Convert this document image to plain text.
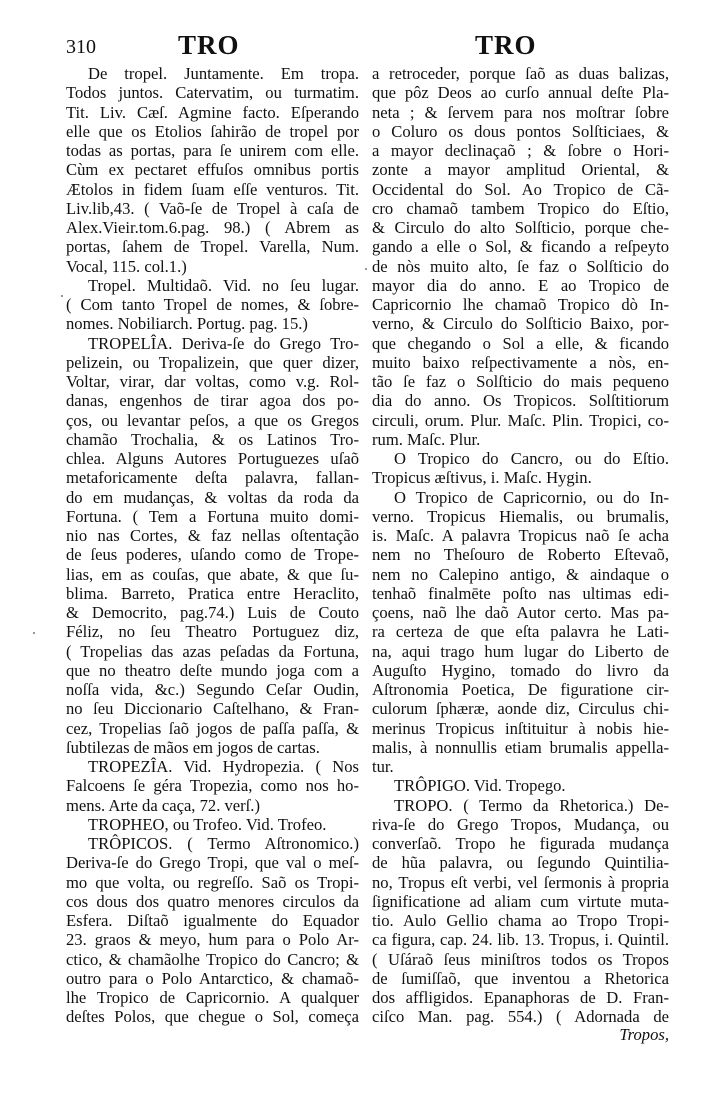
310	TRO	TRO
De tropel. Juntamente. Em tropa.
Todos juntos. Catervatim, ou turmatim.
Tit. Liv. Cæſ. Agmine facto. Eſperando
elle que os Etolios ſahirão de tropel por
todas as portas, para ſe unirem com elle.
Cùm ex pectaret effuſos omnibus portis
Ætolos in fidem ſuam eſſe venturos. Tit.
Liv.lib,43. ( Vaõ-ſe de Tropel à caſa de
Alex.Vieir.tom.6.pag. 98.) ( Abrem as
portas, ſahem de Tropel. Varella, Num.
Vocal, 115. col.1.)
Tropel. Multidaõ. Vid. no ſeu lugar.
( Com tanto Tropel de nomes, & ſobre-
nomes. Nobiliarch. Portug. pag. 15.)
TROPELÎA. Deriva-ſe do Grego Tro-
pelizein, ou Tropalizein, que quer dizer,
Voltar, virar, dar voltas, como v.g. Rol-
danas, engenhos de tirar agoa dos po-
ços, ou levantar peſos, a que os Gregos
chamão Trochalia, & os Latinos Tro-
chlea. Alguns Autores Portuguezes uſaõ
metaforicamente deſta palavra, fallan-
do em mudanças, & voltas da roda da
Fortuna. ( Tem a Fortuna muito domi-
nio nas Cortes, & faz nellas oſtentação
de ſeus poderes, uſando como de Trope-
lias, em as couſas, que abate, & que ſu-
blima. Barreto, Pratica entre Heraclito,
& Democrito, pag.74.) Luis de Couto
Féliz, no ſeu Theatro Portuguez diz,
( Tropelias das azas peſadas da Fortuna,
que no theatro deſte mundo joga com a
noſſa vida, &c.) Segundo Ceſar Oudin,
no ſeu Diccionario Caſtelhano, & Fran-
cez, Tropelias ſaõ jogos de paſſa paſſa, &
ſubtilezas de mãos em jogos de cartas.
TROPEZÎA. Vid. Hydropezia. ( Nos
Falcoens ſe géra Tropezia, como nos ho-
mens. Arte da caça, 72. verſ.)
TROPHEO, ou Trofeo. Vid. Trofeo.
TRÔPICOS. ( Termo Aſtronomico.)
Deriva-ſe do Grego Tropi, que val o meſ-
mo que volta, ou regreſſo. Saõ os Tropi-
cos dous dos quatro menores circulos da
Esfera. Diſtaõ igualmente do Equador
23. graos & meyo, hum para o Polo Ar-
ctico, & chamãolhe Tropico do Cancro; &
outro para o Polo Antarctico, & chamaõ-
lhe Tropico de Capricornio. A qualquer
deſtes Polos, que chegue o Sol, começa
a retroceder, porque ſaõ as duas balizas,
que pôz Deos ao curſo annual deſte Pla-
neta ; & ſervem para nos moſtrar ſobre
o Coluro os dous pontos Solſticiaes, &
a mayor declinaçaõ ; & ſobre o Hori-
zonte a mayor amplitud Oriental, &
Occidental do Sol. Ao Tropico de Cã-
cro chamaõ tambem Tropico do Eſtio,
& Circulo do alto Solſticio, porque che-
gando a elle o Sol, & ficando a reſpeyto
de nòs muito alto, ſe faz o Solſticio do
mayor dia do anno. E ao Tropico de
Capricornio lhe chamaõ Tropico dò In-
verno, & Circulo do Solſticio Baixo, por-
que chegando o Sol a elle, & ficando
muito baixo reſpectivamente a nòs, en-
tão ſe faz o Solſticio do mais pequeno
dia do anno. Os Tropicos. Solſtitiorum
circuli, orum. Plur. Maſc. Plin. Tropici, co-
rum. Maſc. Plur.
O Tropico do Cancro, ou do Eſtio.
Tropicus æſtivus, i. Maſc. Hygin.
O Tropico de Capricornio, ou do In-
verno. Tropicus Hiemalis, ou brumalis,
is. Maſc. A palavra Tropicus naõ ſe acha
nem no Theſouro de Roberto Eſtevaõ,
nem no Calepino antigo, & aindaque o
tenhaõ finalmēte poſto nas ultimas edi-
çoens, naõ lhe daõ Autor certo. Mas pa-
ra certeza de que eſta palavra he Lati-
na, aqui trago hum lugar do Liberto de
Auguſto Hygino, tomado do livro da
Aſtronomia Poetica, De figuratione cir-
culorum ſphæræ, aonde diz, Circulus chi-
merinus Tropicus inſtituitur à nobis hie-
malis, à nonnullis etiam brumalis appella-
tur.
TRÔPIGO. Vid. Tropego.
TROPO. ( Termo da Rhetorica.) De-
riva-ſe do Grego Tropos, Mudança, ou
converſaõ. Tropo he figurada mudança
de hũa palavra, ou ſegundo Quintilia-
no, Tropus eſt verbi, vel ſermonis à propria
ſignificatione ad aliam cum virtute muta-
tio. Aulo Gellio chama ao Tropo Tropi-
ca figura, cap. 24. lib. 13. Tropus, i. Quintil.
( Uſáraõ ſeus miniſtros todos os Tropos
de ſumiſſaõ, que inventou a Rhetorica
dos affligidos. Epanaphoras de D. Fran-
ciſco Man. pag. 554.) ( Adornada de
Tropos,
